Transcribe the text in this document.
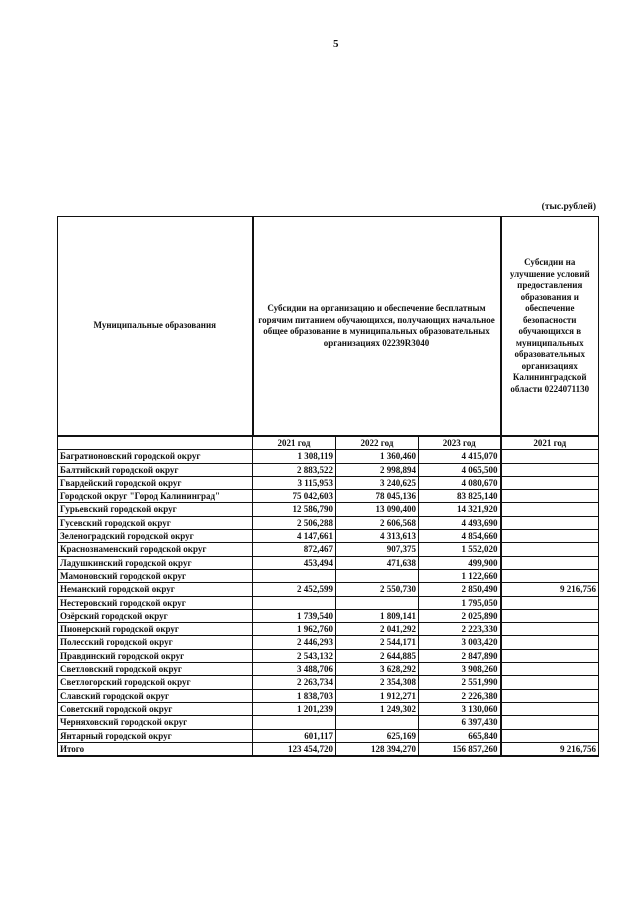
5
(тыс.рублей)
Муниципальные образования	Субсидии на организацию и обеспечение бесплатным горячим питанием обучающихся, получающих начальное общее образование в муниципальных образовательных организациях 02239R3040			Субсидии на улучшение условий предоставления образования и обеспечение безопасности обучающихся в муниципальных образовательных организациях Калининградской области 0224071130
	2021 год	2022 год	2023 год	2021 год
Багратионовский городской округ	1 308,119	1 360,460	4 415,070	
Балтийский городской округ	2 883,522	2 998,894	4 065,500	
Гвардейский городской округ	3 115,953	3 240,625	4 080,670	
Городской округ "Город Калининград"	75 042,603	78 045,136	83 825,140	
Гурьевский городской округ	12 586,790	13 090,400	14 321,920	
Гусевский городской округ	2 506,288	2 606,568	4 493,690	
Зеленоградский городской округ	4 147,661	4 313,613	4 854,660	
Краснознаменский городской округ	872,467	907,375	1 552,020	
Ладушкинский городской округ	453,494	471,638	499,900	
Мамоновский городской округ			1 122,660	
Неманский городской округ	2 452,599	2 550,730	2 850,490	9 216,756
Нестеровский городской округ			1 795,050	
Озёрский городской округ	1 739,540	1 809,141	2 025,890	
Пионерский городской округ	1 962,760	2 041,292	2 223,330	
Полесский городской округ	2 446,293	2 544,171	3 003,420	
Правдинский городской округ	2 543,132	2 644,885	2 847,890	
Светловский городской округ	3 488,706	3 628,292	3 908,260	
Светлогорский городской округ	2 263,734	2 354,308	2 551,990	
Славский городской округ	1 838,703	1 912,271	2 226,380	
Советский городской округ	1 201,239	1 249,302	3 130,060	
Черняховский городской округ			6 397,430	
Янтарный городской округ	601,117	625,169	665,840	
Итого	123 454,720	128 394,270	156 857,260	9 216,756
